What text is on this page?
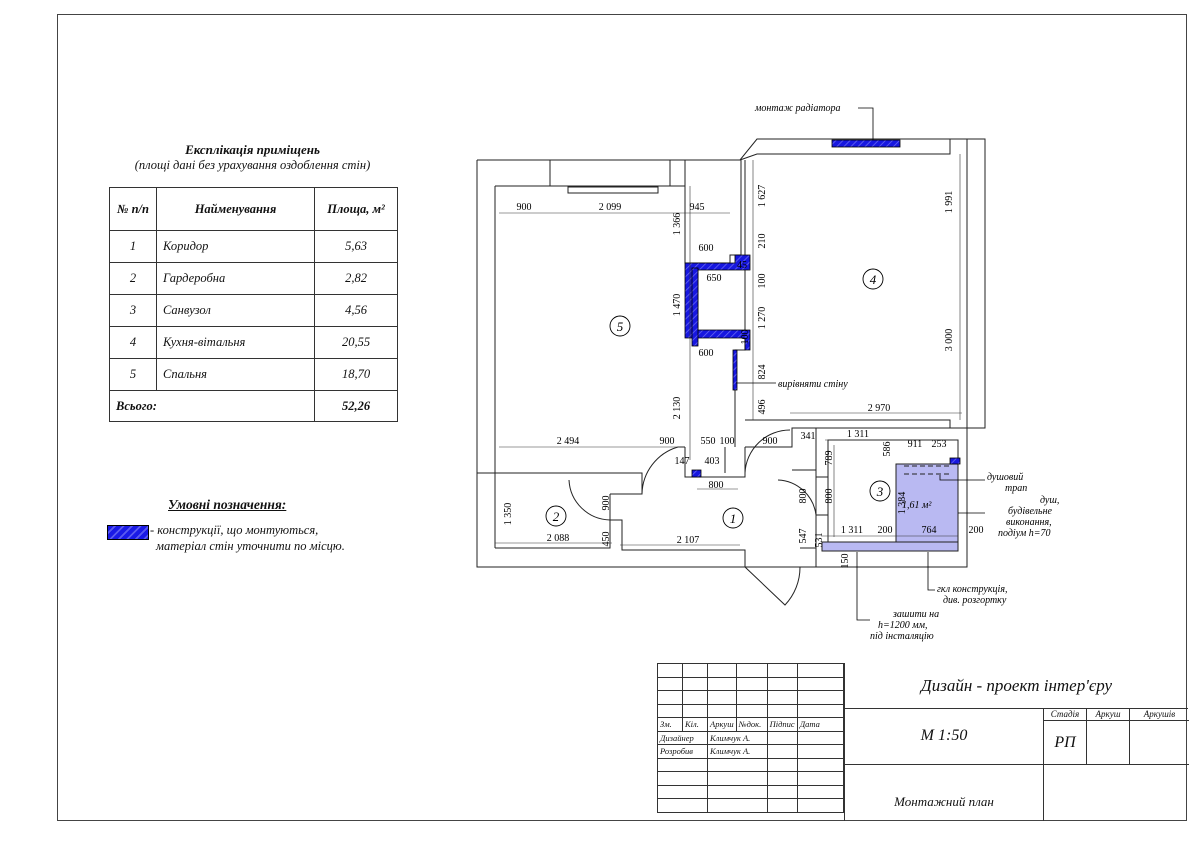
Експлікація приміщень
(площі дані без урахування оздоблення стін)
№ п/п	Найменування	Площа, м²
1	Коридор	5,63
2	Гардеробна	2,82
3	Санвузол	4,56
4	Кухня-вітальня	20,55
5	Спальня	18,70
Всього:		52,26
Умовні позначення:
- конструкції, що монтуються,
матеріал стін уточнити по місцю.
1
2
3
4
5
монтаж радіатора
вирівняти стіну
душовий
трап
душ,
будівельне
виконання,
подіум h=70
гкл конструкція,
див. розгортку
зашити на
h=1200 мм,
під інсталяцію
1,61 м²
900	2 099	945
600
650
45
600
2 494	900	550 100
147 403
800
2 970
900 341	1 311
911 253
1 311 200	764	200
2 088	2 107
1 366
1 470
2 130
1 627
210
100
1 270
100
824
496
1 991
3 000
789
586
800 800	1 384
531
150
547
1 350	900
450

Зм.	Кіл.	Аркуш	№док.	Підпис	Дата
Дизайнер		Климчук А.			
Розробив		Климчук А.			

Дизайн - проект інтер'єру
М 1:50
Стадія	Аркуш	Аркушів
РП
Монтажний план
